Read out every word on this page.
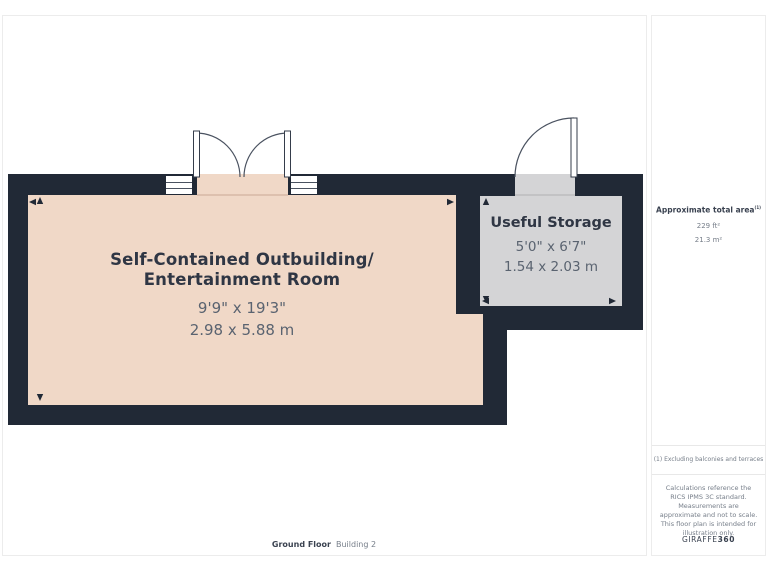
Self-Contained Outbuilding/
Entertainment Room
9'9" x 19'3"
2.98 x 5.88 m
Useful Storage
5'0" x 6'7"
1.54 x 2.03 m
Approximate total area$^{(1)}$
229 ft²
21.3 m²
(1) Excluding balconies and terraces
Calculations reference the RICS IPMS 3C standard. Measurements are approximate and not to scale. This floor plan is intended for illustration only.
GIRAFFE360
Ground Floor Building 2
